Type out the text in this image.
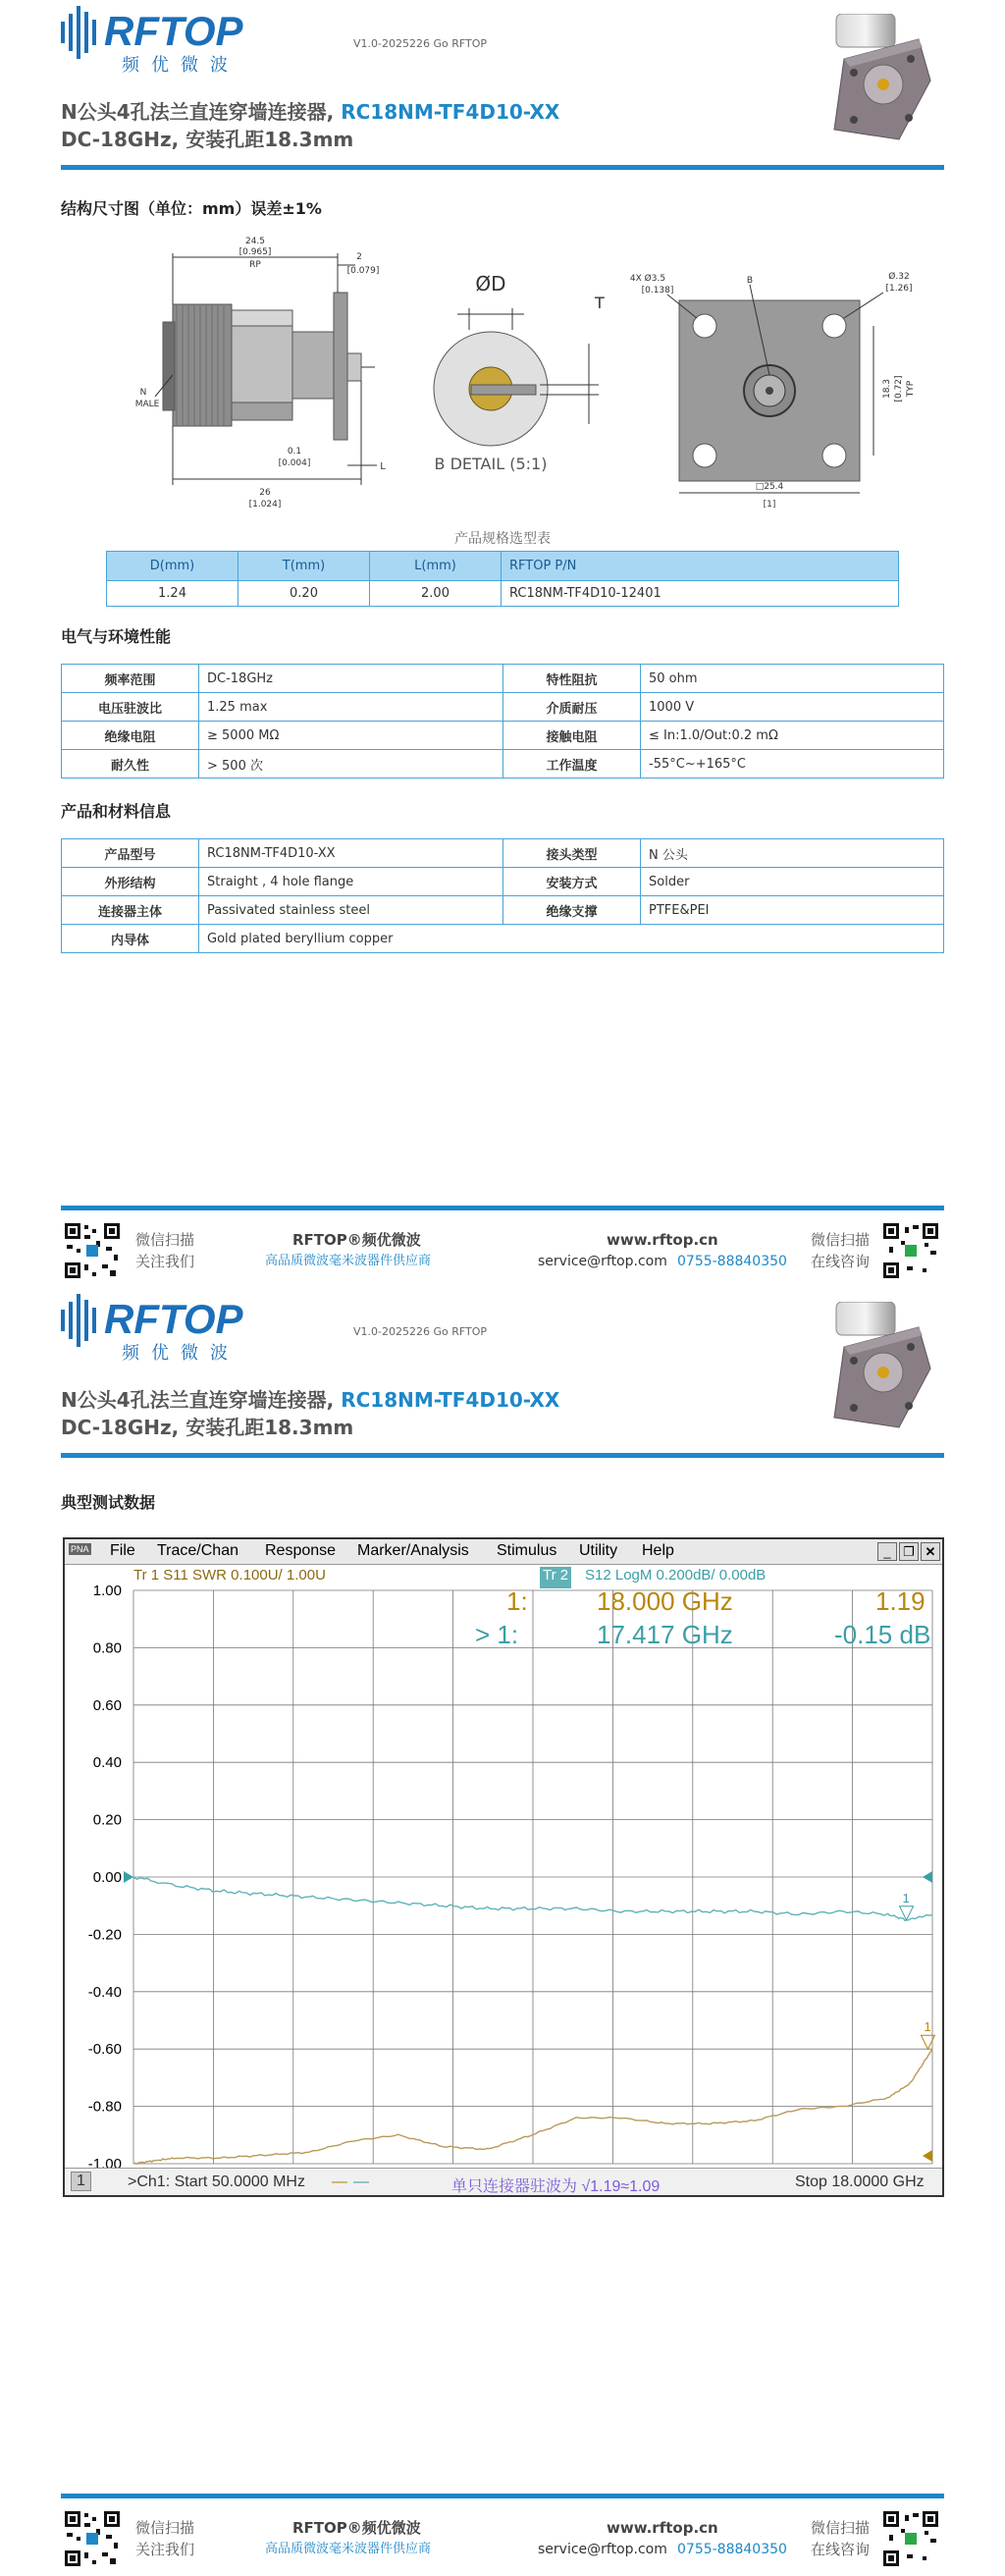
RFTOP
频优微波
V1.0-2025226 Go RFTOP
N公头4孔法兰直连穿墙连接器, RC18NM-TF4D10-XX
DC-18GHz, 安装孔距18.3mm
结构尺寸图（单位：mm）误差±1%
24.5
[0.965]
RP
2
[0.079]
N
MALE
0.1
[0.004]
26
[1.024]
L
ØD
T
B DETAIL (5:1)
4X Ø3.5
[0.138]
B	Ø.32
[1.26]
18.3 [0.72] TYP
□25.4
[1]
产品规格选型表
D(mm)	T(mm)	L(mm)	RFTOP P/N
1.24	0.20	2.00	RC18NM-TF4D10-12401
电气与环境性能
频率范围	DC-18GHz	特性阻抗	50 ohm
电压驻波比	1.25 max	介质耐压	1000 V
绝缘电阻	≥ 5000 MΩ	接触电阻	≤ In:1.0/Out:0.2 mΩ
耐久性	> 500 次	工作温度	-55°C~+165°C
产品和材料信息
产品型号	RC18NM-TF4D10-XX	接头类型	N 公头
外形结构	Straight , 4 hole flange	安装方式	Solder
连接器主体	Passivated stainless steel	绝缘支撑	PTFE&PEI
内导体	Gold plated beryllium copper		
微信扫描
关注我们
RFTOP®频优微波
高品质微波毫米波器件供应商
www.rftop.cn
service@rftop.com 0755-88840350
微信扫描
在线咨询
RFTOP
频优微波
V1.0-2025226 Go RFTOP
N公头4孔法兰直连穿墙连接器, RC18NM-TF4D10-XX
DC-18GHz, 安装孔距18.3mm
典型测试数据
PNA File Trace/Chan Response Marker/Analysis Stimulus Utility Help	_ ❐ ✕
Tr 1 S11 SWR 0.100U/ 1.00U	Tr 2 S12 LogM 0.200dB/ 0.00dB
1.00
0.80
0.60
0.40
0.20
0.00
-0.20
-0.40
-0.60
-0.80
-1.00
1
1
1:	18.000 GHz	1.19
> 1:	17.417 GHz	-0.15 dB
1	>Ch1: Start 50.0000 MHz — —	单只连接器驻波为 √1.19≈1.09	Stop 18.0000 GHz
微信扫描
关注我们
RFTOP®频优微波
高品质微波毫米波器件供应商
www.rftop.cn
service@rftop.com 0755-88840350
微信扫描
在线咨询
